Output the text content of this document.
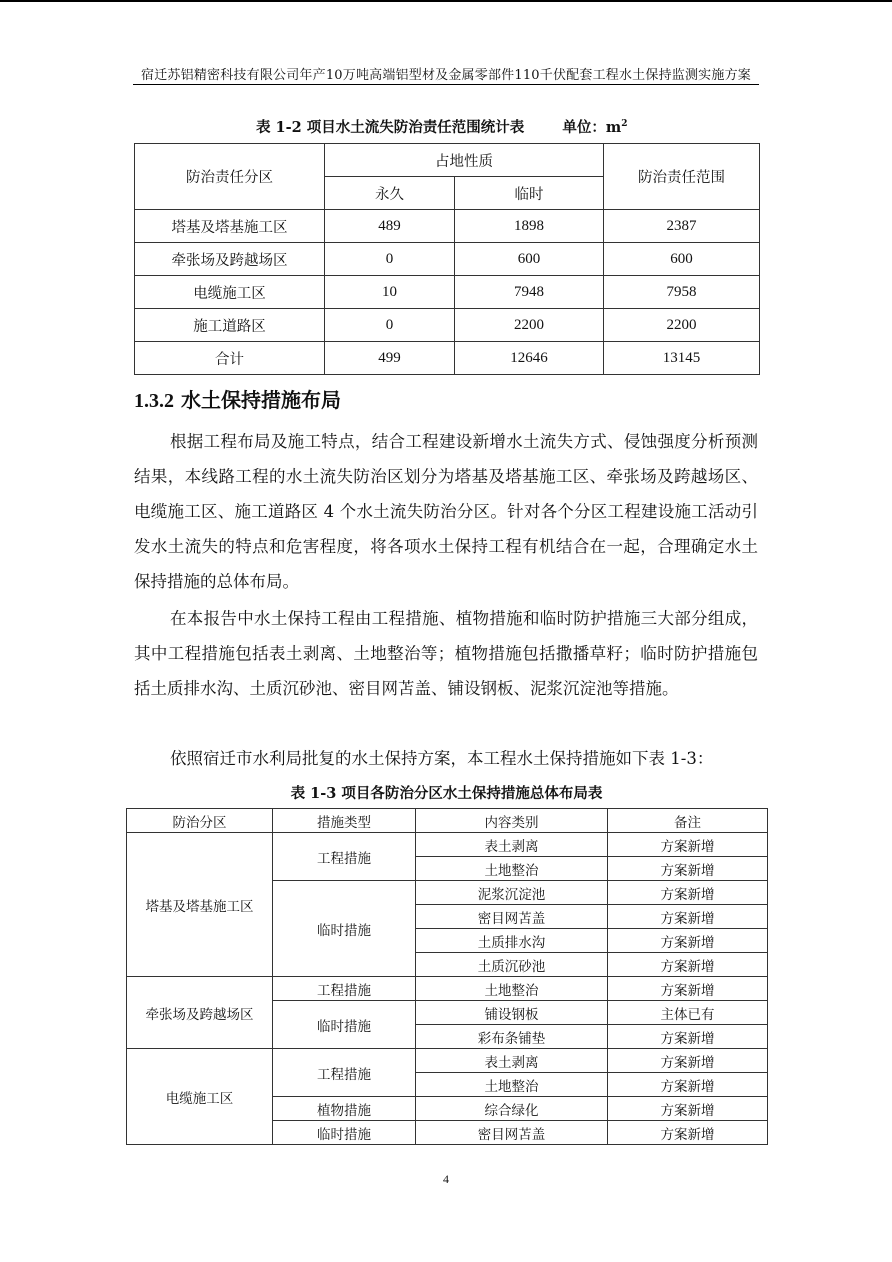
宿迁苏铝精密科技有限公司年产10万吨高端铝型材及金属零部件110千伏配套工程水土保持监测实施方案
表 1-2 项目水土流失防治责任范围统计表	单位：$m^2$
防治责任分区	占地性质		防治责任范围
	永久	临时	
塔基及塔基施工区	489	1898	2387
牵张场及跨越场区	0	600	600
电缆施工区	10	7948	7958
施工道路区	0	2200	2200
合计	499	12646	13145
1.3.2 水土保持措施布局

根据工程布局及施工特点，结合工程建设新增水土流失方式、侵蚀强度分析预测结果，本线路工程的水土流失防治区划分为塔基及塔基施工区、牵张场及跨越场区、电缆施工区、施工道路区 4 个水土流失防治分区。针对各个分区工程建设施工活动引发水土流失的特点和危害程度，将各项水土保持工程有机结合在一起，合理确定水土保持措施的总体布局。

在本报告中水土保持工程由工程措施、植物措施和临时防护措施三大部分组成，其中工程措施包括表土剥离、土地整治等；植物措施包括撒播草籽；临时防护措施包括土质排水沟、土质沉砂池、密目网苫盖、铺设钢板、泥浆沉淀池等措施。

依照宿迁市水利局批复的水土保持方案，本工程水土保持措施如下表 1-3：

表 1-3 项目各防治分区水土保持措施总体布局表
防治分区	措施类型	内容类别	备注
塔基及塔基施工区	工程措施	表土剥离	方案新增
		土地整治	方案新增
	临时措施	泥浆沉淀池	方案新增
		密目网苫盖	方案新增
		土质排水沟	方案新增
		土质沉砂池	方案新增
牵张场及跨越场区	工程措施	土地整治	方案新增
	临时措施	铺设钢板	主体已有
		彩布条铺垫	方案新增
电缆施工区	工程措施	表土剥离	方案新增
		土地整治	方案新增
	植物措施	综合绿化	方案新增
	临时措施	密目网苫盖	方案新增
4
